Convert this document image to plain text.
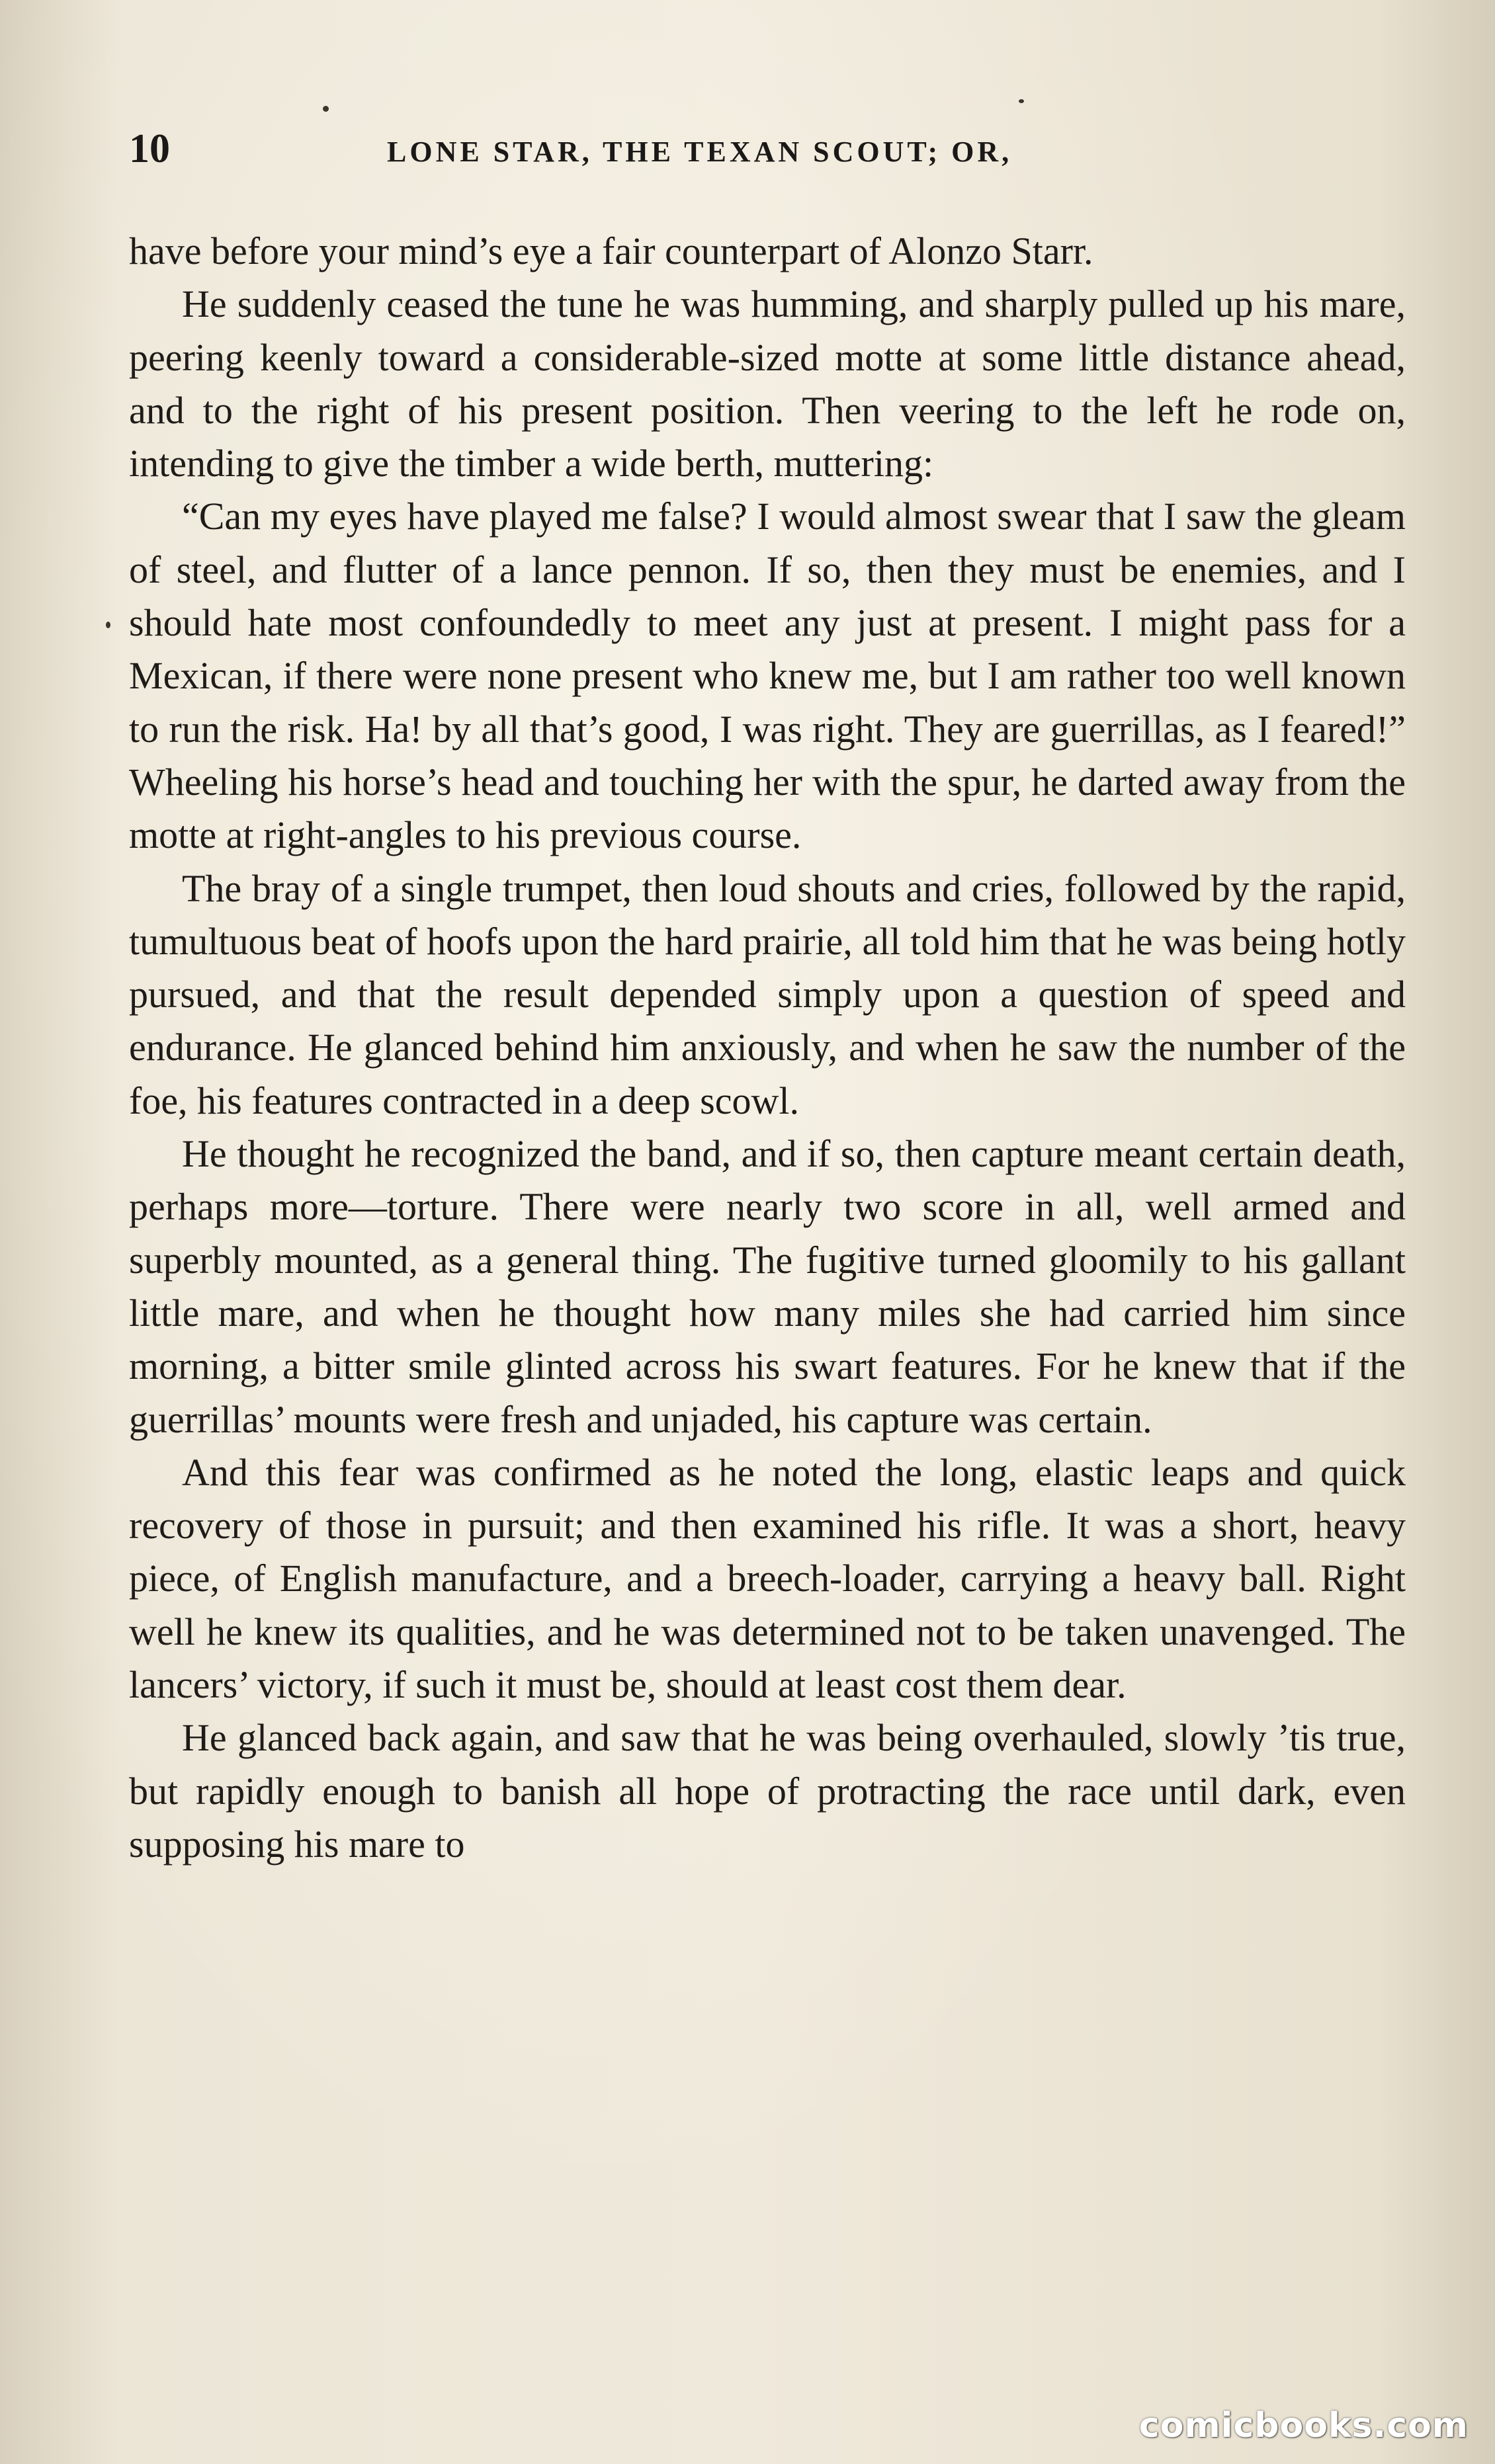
10	LONE STAR, THE TEXAN SCOUT; OR,

have before your mind’s eye a fair counterpart of Alonzo Starr.

He suddenly ceased the tune he was humming, and sharply pulled up his mare, peering keenly toward a considerable-sized motte at some little distance ahead, and to the right of his present position. Then veering to the left he rode on, intending to give the timber a wide berth, muttering:

“Can my eyes have played me false? I would almost swear that I saw the gleam of steel, and flutter of a lance pennon. If so, then they must be enemies, and I should hate most confoundedly to meet any just at present. I might pass for a Mexican, if there were none present who knew me, but I am rather too well known to run the risk. Ha! by all that’s good, I was right. They are guerrillas, as I feared!” Wheeling his horse’s head and touching her with the spur, he darted away from the motte at right-angles to his previous course.

The bray of a single trumpet, then loud shouts and cries, followed by the rapid, tumultuous beat of hoofs upon the hard prairie, all told him that he was being hotly pursued, and that the result depended simply upon a question of speed and endurance. He glanced behind him anxiously, and when he saw the number of the foe, his features contracted in a deep scowl.

He thought he recognized the band, and if so, then capture meant certain death, perhaps more—torture. There were nearly two score in all, well armed and superbly mounted, as a general thing. The fugitive turned gloomily to his gallant little mare, and when he thought how many miles she had carried him since morning, a bitter smile glinted across his swart features. For he knew that if the guerrillas’ mounts were fresh and unjaded, his capture was certain.

And this fear was confirmed as he noted the long, elastic leaps and quick recovery of those in pursuit; and then examined his rifle. It was a short, heavy piece, of English manufacture, and a breech-loader, carrying a heavy ball. Right well he knew its qualities, and he was determined not to be taken unavenged. The lancers’ victory, if such it must be, should at least cost them dear.

He glanced back again, and saw that he was being overhauled, slowly ’tis true, but rapidly enough to banish all hope of protracting the race until dark, even supposing his mare to

comicbooks.com
